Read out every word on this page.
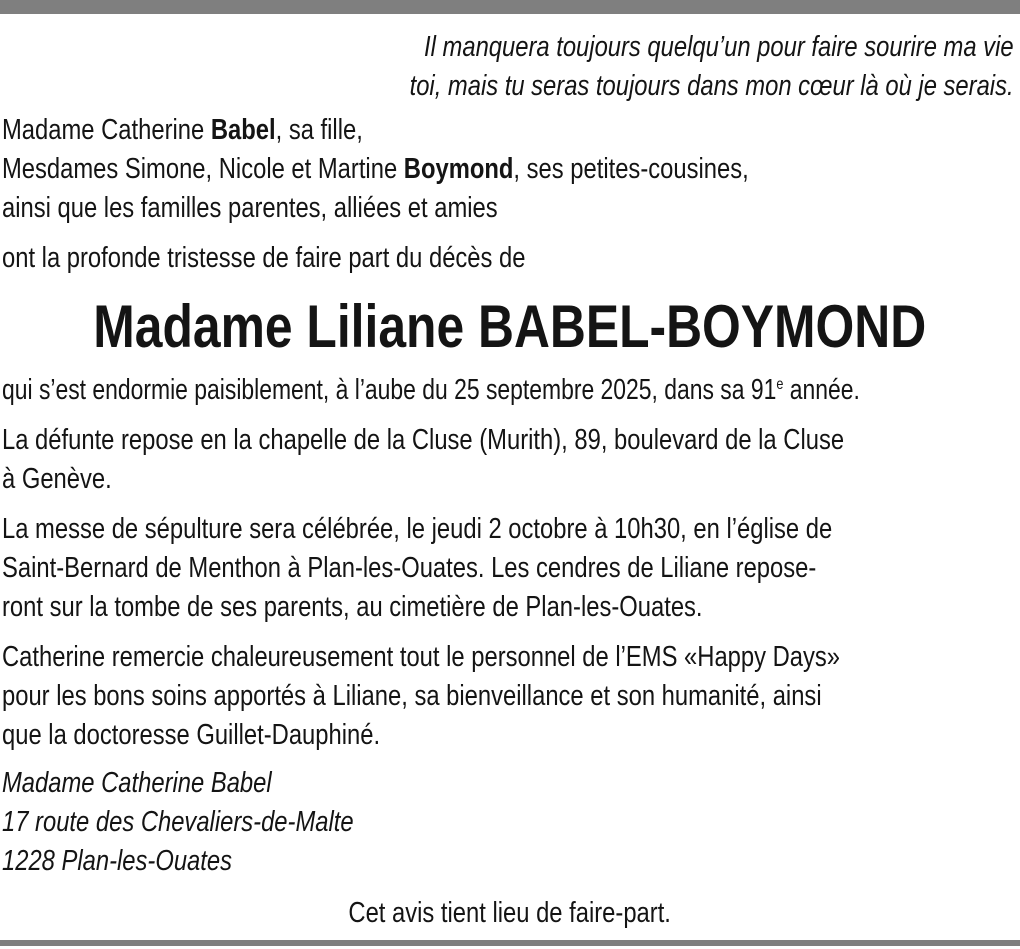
Il manquera toujours quelqu’un pour faire sourire ma vie
toi, mais tu seras toujours dans mon cœur là où je serais.
Madame Catherine Babel, sa fille,
Mesdames Simone, Nicole et Martine Boymond, ses petites-cousines,
ainsi que les familles parentes, alliées et amies
ont la profonde tristesse de faire part du décès de
Madame Liliane BABEL-BOYMOND
qui s’est endormie paisiblement, à l’aube du 25 septembre 2025, dans sa 91e année.
La défunte repose en la chapelle de la Cluse (Murith), 89, boulevard de la Cluse
à Genève.
La messe de sépulture sera célébrée, le jeudi 2 octobre à 10h30, en l’église de
Saint-Bernard de Menthon à Plan-les-Ouates. Les cendres de Liliane repose-
ront sur la tombe de ses parents, au cimetière de Plan-les-Ouates.
Catherine remercie chaleureusement tout le personnel de l’EMS «Happy Days»
pour les bons soins apportés à Liliane, sa bienveillance et son humanité, ainsi
que la doctoresse Guillet-Dauphiné.
Madame Catherine Babel
17 route des Chevaliers-de-Malte
1228 Plan-les-Ouates
Cet avis tient lieu de faire-part.
